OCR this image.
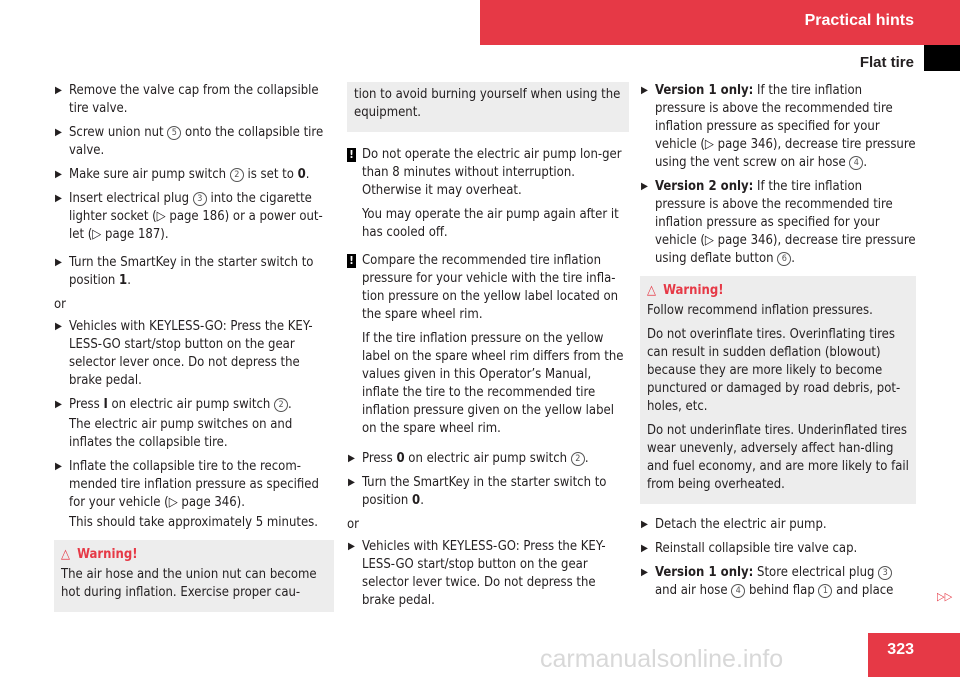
Practical hints
Flat tire
▶ Remove the valve cap from the collapsible tire valve.
▶ Screw union nut 5 onto the collapsible tire valve.
▶ Make sure air pump switch 2 is set to 0.
▶ Insert electrical plug 3 into the cigarette lighter socket (▷ page 186) or a power out-let (▷ page 187).
▶ Turn the SmartKey in the starter switch to position 1.
or
▶ Vehicles with KEYLESS-GO: Press the KEY-LESS-GO start/stop button on the gear selector lever once. Do not depress the brake pedal.
▶ Press I on electric air pump switch 2 .
The electric air pump switches on and inflates the collapsible tire.
▶ Inflate the collapsible tire to the recom-mended tire inflation pressure as specified for your vehicle (▷ page 346).
This should take approximately 5 minutes.
△ Warning!

The air hose and the union nut can become hot during inflation. Exercise proper cau-

tion to avoid burning yourself when using the equipment.

! Do not operate the electric air pump lon-ger than 8 minutes without interruption. Otherwise it may overheat.

You may operate the air pump again after it has cooled off.

! Compare the recommended tire inflation pressure for your vehicle with the tire infla-tion pressure on the yellow label located on the spare wheel rim.

If the tire inflation pressure on the yellow label on the spare wheel rim differs from the values given in this Operator’s Manual, inflate the tire to the recommended tire inflation pressure given on the yellow label on the spare wheel rim.

▶ Press 0 on electric air pump switch 2 .
▶ Turn the SmartKey in the starter switch to position 0.
or
▶ Vehicles with KEYLESS-GO: Press the KEY-LESS-GO start/stop button on the gear selector lever twice. Do not depress the brake pedal.
▶ Version 1 only: If the tire inflation pressure is above the recommended tire inflation pressure as specified for your vehicle (▷ page 346), decrease tire pressure using the vent screw on air hose 4 .
▶ Version 2 only: If the tire inflation pressure is above the recommended tire inflation pressure as specified for your vehicle (▷ page 346), decrease tire pressure using deflate button 6 .
△ Warning!

Follow recommend inflation pressures.

Do not overinflate tires. Overinflating tires can result in sudden deflation (blowout) because they are more likely to become punctured or damaged by road debris, pot-holes, etc.

Do not underinflate tires. Underinflated tires wear unevenly, adversely affect han-dling and fuel economy, and are more likely to fail from being overheated.

▶ Detach the electric air pump.
▶ Reinstall collapsible tire valve cap.
▶ Version 1 only: Store electrical plug 3 and air hose 4 behind flap 1 and place	▷▷
carmanualsonline.info	323
